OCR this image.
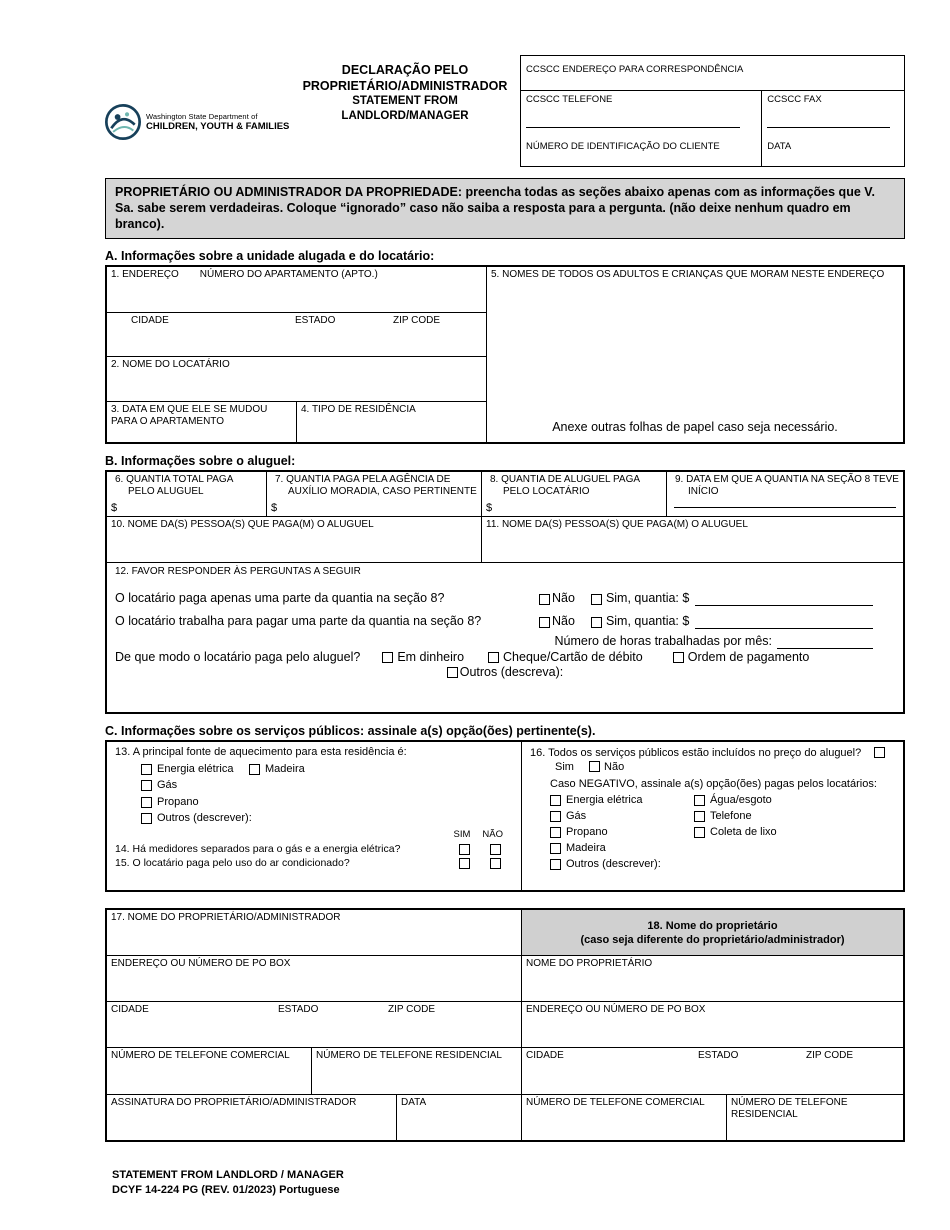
Washington State Department of
CHILDREN, YOUTH & FAMILIES
DECLARAÇÃO PELO
PROPRIETÁRIO/ADMINISTRADOR
STATEMENT FROM
LANDLORD/MANAGER
CCSCC ENDEREÇO PARA CORRESPONDÊNCIA
CCSCC TELEFONE
NÚMERO DE IDENTIFICAÇÃO DO CLIENTE
CCSCC FAX
DATA
PROPRIETÁRIO OU ADMINISTRADOR DA PROPRIEDADE: preencha todas as seções abaixo apenas com as informações que V. Sa. sabe serem verdadeiras. Coloque “ignorado” caso não saiba a resposta para a pergunta. (não deixe nenhum quadro em branco).
A. Informações sobre a unidade alugada e do locatário:
1. ENDEREÇO NÚMERO DO APARTAMENTO (APTO.)
CIDADE	ESTADO	ZIP CODE
2. NOME DO LOCATÁRIO
3. DATA EM QUE ELE SE MUDOU PARA O APARTAMENTO
4. TIPO DE RESIDÊNCIA
5. NOMES DE TODOS OS ADULTOS E CRIANÇAS QUE MORAM NESTE ENDEREÇO
Anexe outras folhas de papel caso seja necessário.
B. Informações sobre o aluguel:
6. QUANTIA TOTAL PAGA PELO ALUGUEL
$
7. QUANTIA PAGA PELA AGÊNCIA DE AUXÍLIO MORADIA, CASO PERTINENTE
$
8. QUANTIA DE ALUGUEL PAGA PELO LOCATÁRIO
$
9. DATA EM QUE A QUANTIA NA SEÇÃO 8 TEVE INÍCIO
10. NOME DA(S) PESSOA(S) QUE PAGA(M) O ALUGUEL	11. NOME DA(S) PESSOA(S) QUE PAGA(M) O ALUGUEL
12. FAVOR RESPONDER ÀS PERGUNTAS A SEGUIR
O locatário paga apenas uma parte da quantia na seção 8?	Não Sim, quantia: $
O locatário trabalha para pagar uma parte da quantia na seção 8?	Não Sim, quantia: $
Número de horas trabalhadas por mês:
De que modo o locatário paga pelo aluguel?	Em dinheiro	Cheque/Cartão de débito	Ordem de pagamento
Outros (descreva):
C. Informações sobre os serviços públicos: assinale a(s) opção(ões) pertinente(s).
13. A principal fonte de aquecimento para esta residência é:
Energia elétrica	Madeira
Gás
Propano
Outros (descrever):
SIM NÃO
14. Há medidores separados para o gás e a energia elétrica?
15. O locatário paga pelo uso do ar condicionado?
16. Todos os serviços públicos estão incluídos no preço do aluguel? Sim	Não
Caso NEGATIVO, assinale a(s) opção(ões) pagas pelos locatários:
Energia elétrica	Água/esgoto
Gás	Telefone
Propano	Coleta de lixo
Madeira
Outros (descrever):
17. NOME DO PROPRIETÁRIO/ADMINISTRADOR
18. Nome do proprietário
(caso seja diferente do proprietário/administrador)
ENDEREÇO OU NÚMERO DE PO BOX	NOME DO PROPRIETÁRIO
CIDADE	ESTADO	ZIP CODE	ENDEREÇO OU NÚMERO DE PO BOX
NÚMERO DE TELEFONE COMERCIAL	NÚMERO DE TELEFONE RESIDENCIAL	CIDADE	ESTADO	ZIP CODE
ASSINATURA DO PROPRIETÁRIO/ADMINISTRADOR	DATA	NÚMERO DE TELEFONE COMERCIAL	NÚMERO DE TELEFONE RESIDENCIAL
STATEMENT FROM LANDLORD / MANAGER
DCYF 14-224 PG (REV. 01/2023) Portuguese
